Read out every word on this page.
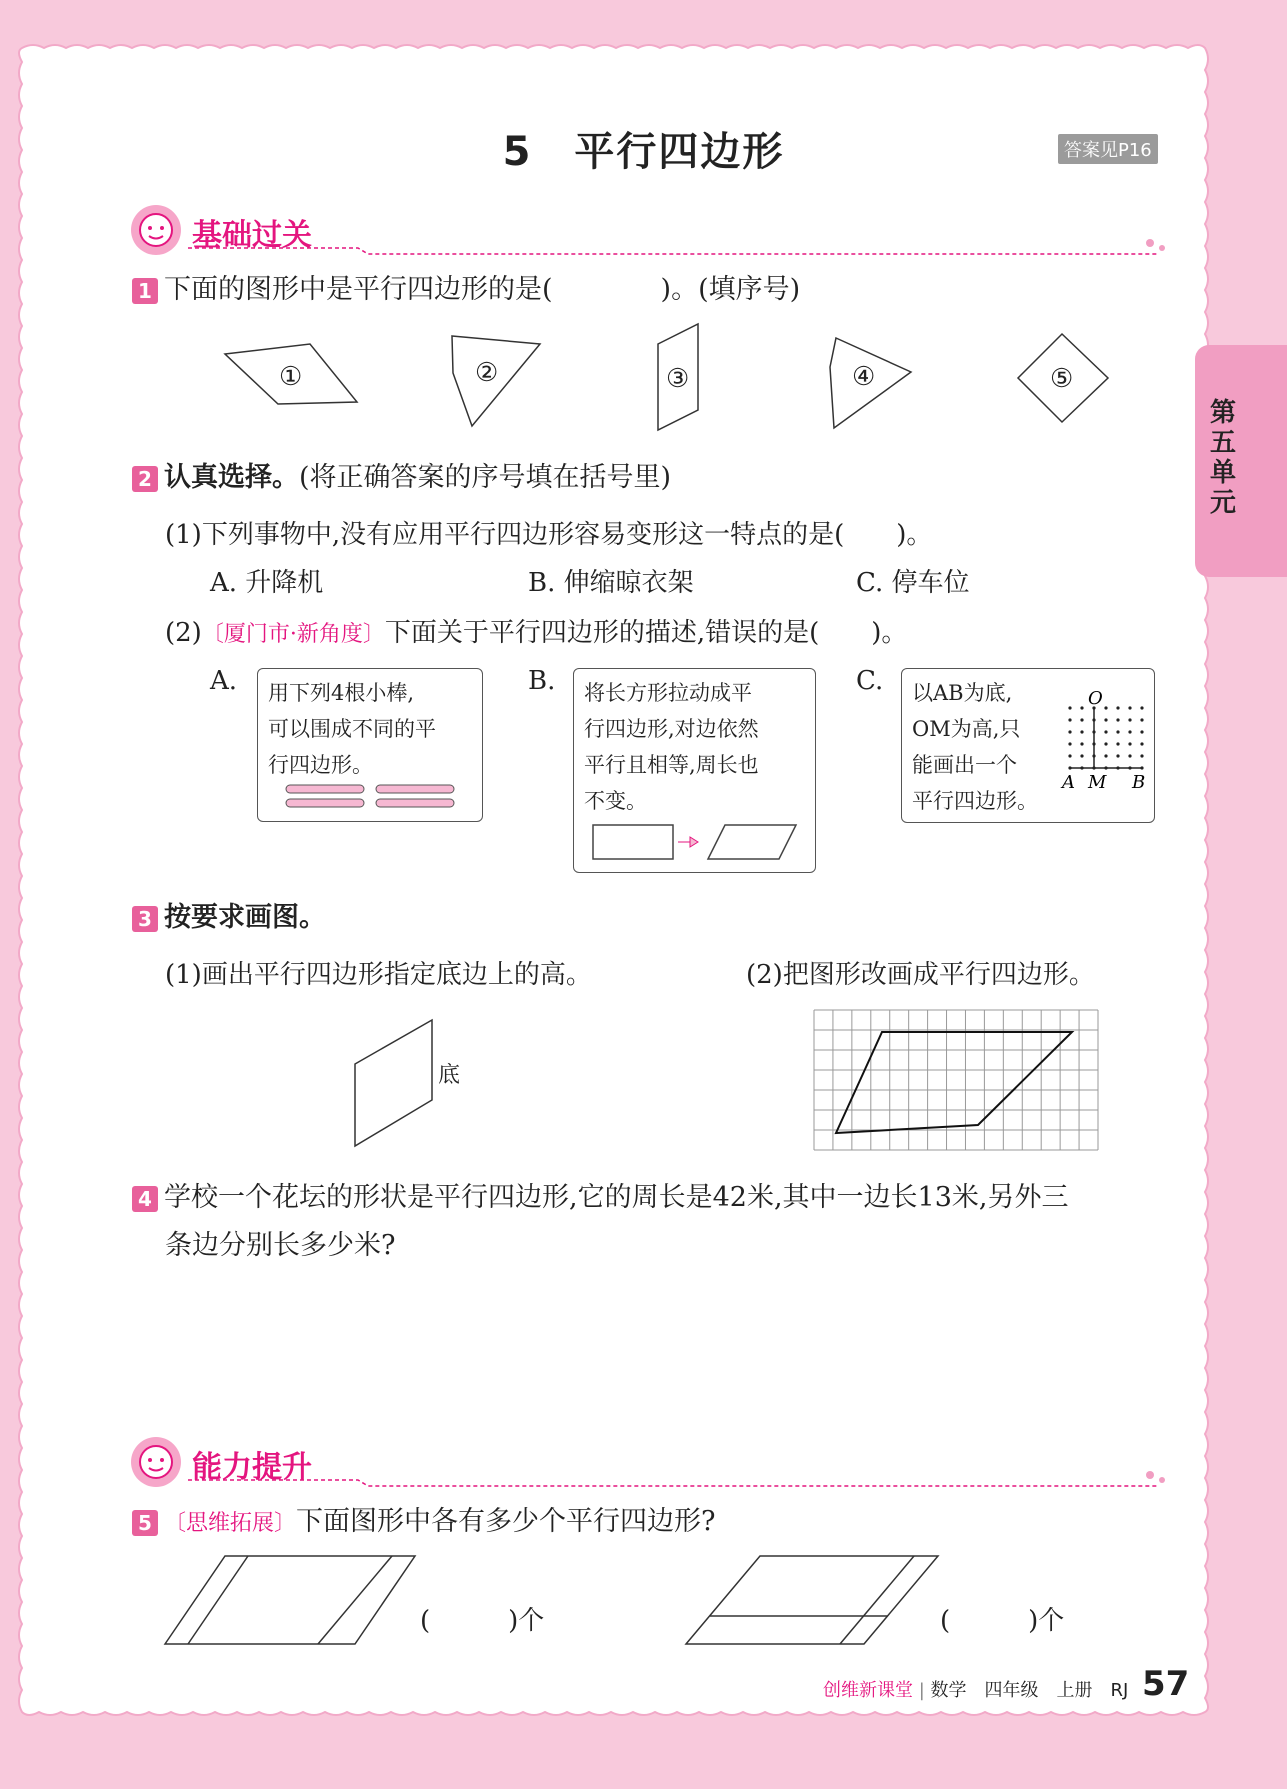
5　平行四边形	答案见P16
第五单元
基础过关
1 下面的图形中是平行四边形的是(　　　　)。(填序号)
①	②	③	④	⑤
2 认真选择。(将正确答案的序号填在括号里)
(1)下列事物中,没有应用平行四边形容易变形这一特点的是(　　)。
A. 升降机	B. 伸缩晾衣架	C. 停车位
(2)〔厦门市·新角度〕下面关于平行四边形的描述,错误的是(　　)。
A.	B.	C.
用下列4根小棒,
可以围成不同的平
行四边形。
将长方形拉动成平
行四边形,对边依然
平行且相等,周长也
不变。
以AB为底,
OM为高,只
能画出一个
平行四边形。
O
A M B
3 按要求画图。
(1)画出平行四边形指定底边上的高。	(2)把图形改画成平行四边形。
底
4 学校一个花坛的形状是平行四边形,它的周长是42米,其中一边长13米,另外三
条边分别长多少米?
能力提升
5 〔思维拓展〕下面图形中各有多少个平行四边形?
(　　　)个	(　　　)个
创维新课堂 | 数学　四年级　上册　RJ 57
